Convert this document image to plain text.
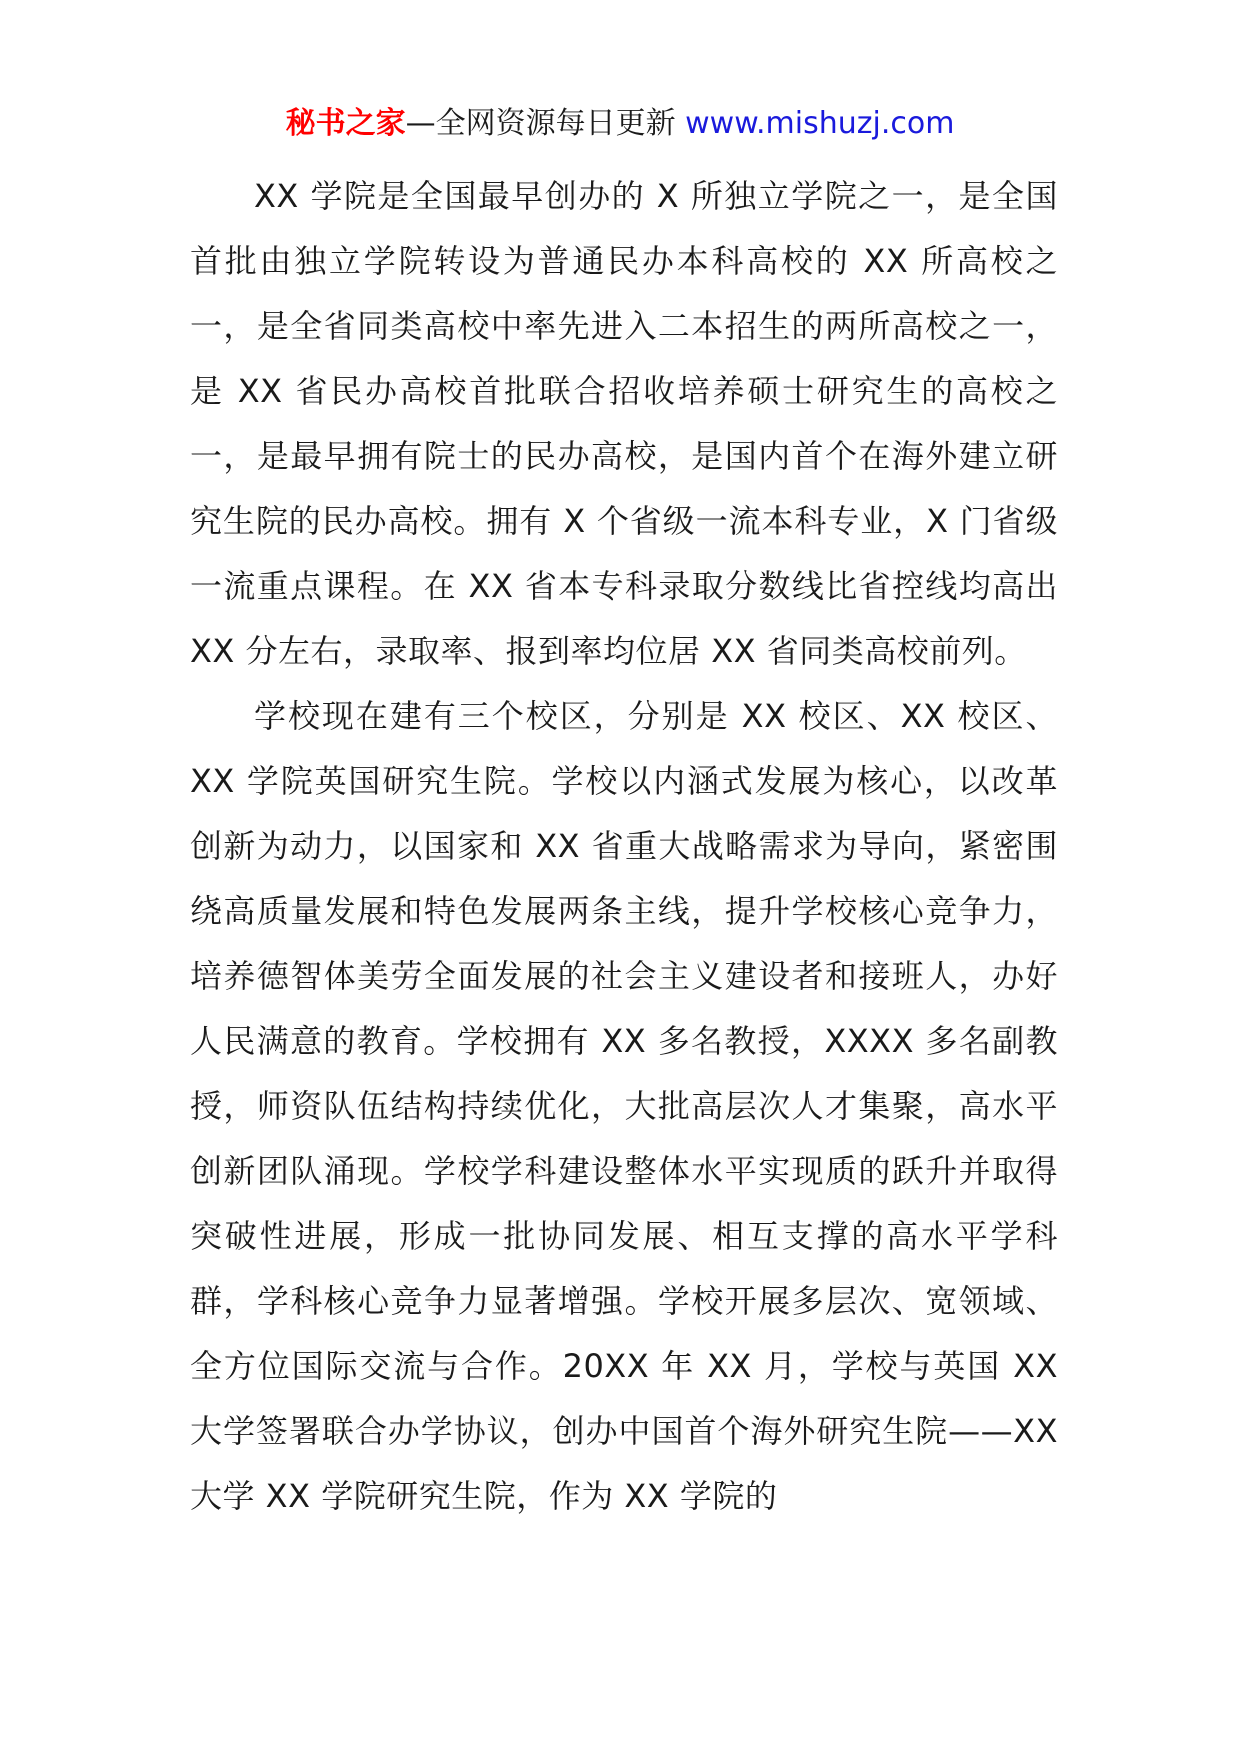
秘书之家—全网资源每日更新 www.mishuzj.com

XX 学院是全国最早创办的 X 所独立学院之一，是全国首批由独立学院转设为普通民办本科高校的 XX 所高校之一，是全省同类高校中率先进入二本招生的两所高校之一，是 XX 省民办高校首批联合招收培养硕士研究生的高校之一，是最早拥有院士的民办高校，是国内首个在海外建立研究生院的民办高校。拥有 X 个省级一流本科专业，X 门省级一流重点课程。在 XX 省本专科录取分数线比省控线均高出 XX 分左右，录取率、报到率均位居 XX 省同类高校前列。

学校现在建有三个校区，分别是 XX 校区、XX 校区、XX 学院英国研究生院。学校以内涵式发展为核心，以改革创新为动力，以国家和 XX 省重大战略需求为导向，紧密围绕高质量发展和特色发展两条主线，提升学校核心竞争力，培养德智体美劳全面发展的社会主义建设者和接班人，办好人民满意的教育。学校拥有 XX 多名教授，XXXX 多名副教授，师资队伍结构持续优化，大批高层次人才集聚，高水平创新团队涌现。学校学科建设整体水平实现质的跃升并取得突破性进展，形成一批协同发展、相互支撑的高水平学科群，学科核心竞争力显著增强。学校开展多层次、宽领域、全方位国际交流与合作。20XX 年 XX 月，学校与英国 XX 大学签署联合办学协议，创办中国首个海外研究生院——XX 大学 XX 学院研究生院，作为 XX 学院的
